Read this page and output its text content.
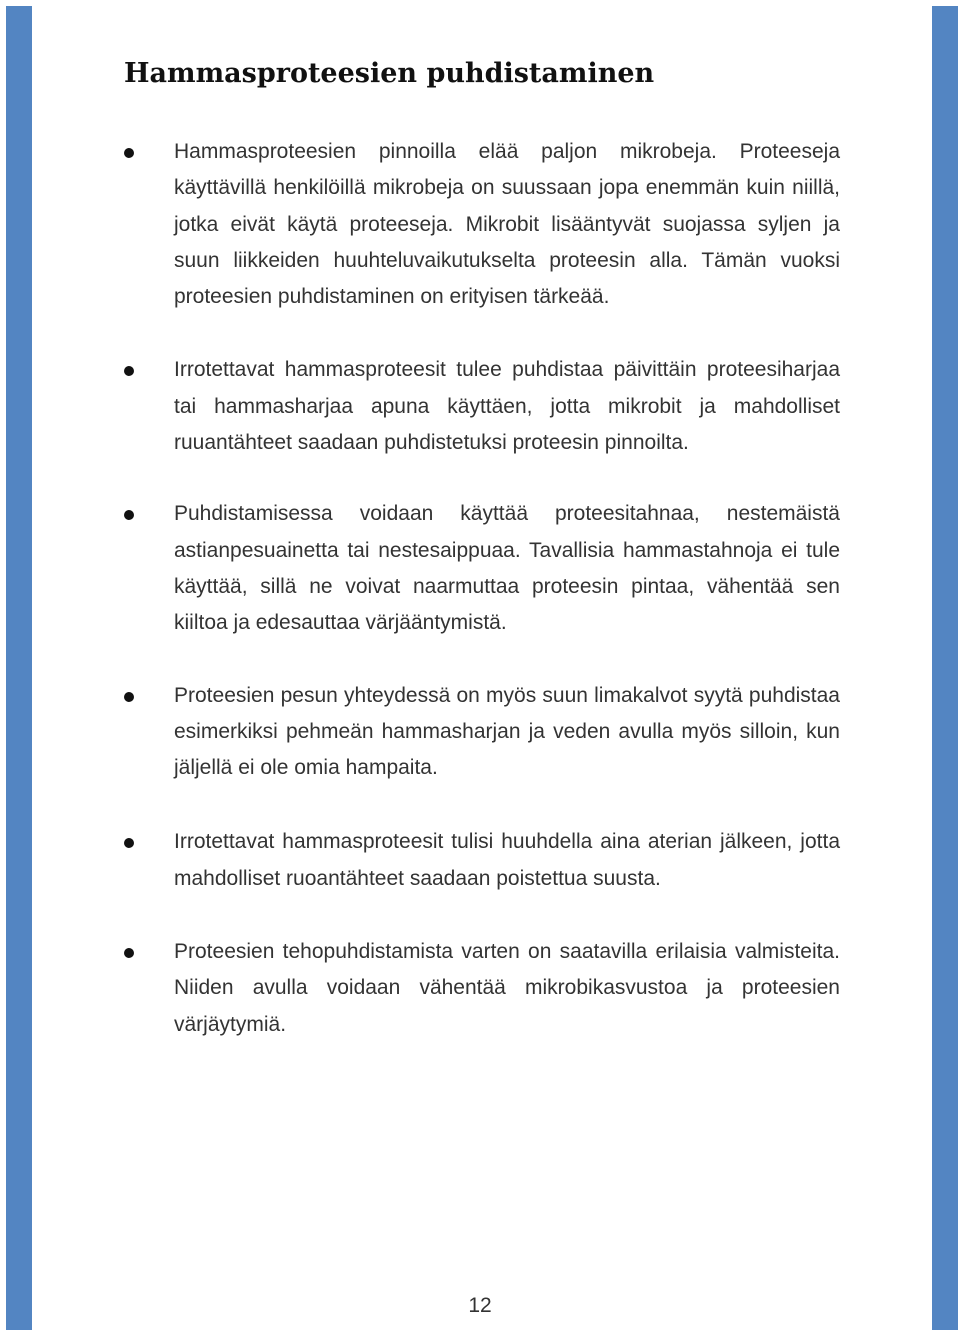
Hammasproteesien puhdistaminen

Hammasproteesien pinnoilla elää paljon mikrobeja. Proteeseja käyttävillä henkilöillä mikrobeja on suussaan jopa enemmän kuin niillä, jotka eivät käytä proteeseja. Mikrobit lisääntyvät suojassa syljen ja suun liikkeiden huuhteluvaikutukselta proteesin alla. Tämän vuoksi proteesien puhdistaminen on erityisen tärkeää.

Irrotettavat hammasproteesit tulee puhdistaa päivittäin proteesiharjaa tai hammasharjaa apuna käyttäen, jotta mikrobit ja mahdolliset ruuantähteet saadaan puhdistetuksi proteesin pinnoilta.

Puhdistamisessa voidaan käyttää proteesitahnaa, nestemäistä astianpesuainetta tai nestesaippuaa. Tavallisia hammastahnoja ei tule käyttää, sillä ne voivat naarmuttaa proteesin pintaa, vähentää sen kiiltoa ja edesauttaa värjääntymistä.

Proteesien pesun yhteydessä on myös suun limakalvot syytä puhdistaa esimerkiksi pehmeän hammasharjan ja veden avulla myös silloin, kun jäljellä ei ole omia hampaita.

Irrotettavat hammasproteesit tulisi huuhdella aina aterian jälkeen, jotta mahdolliset ruoantähteet saadaan poistettua suusta.

Proteesien tehopuhdistamista varten on saatavilla erilaisia valmisteita. Niiden avulla voidaan vähentää mikrobikasvustoa ja proteesien värjäytymiä.

12
